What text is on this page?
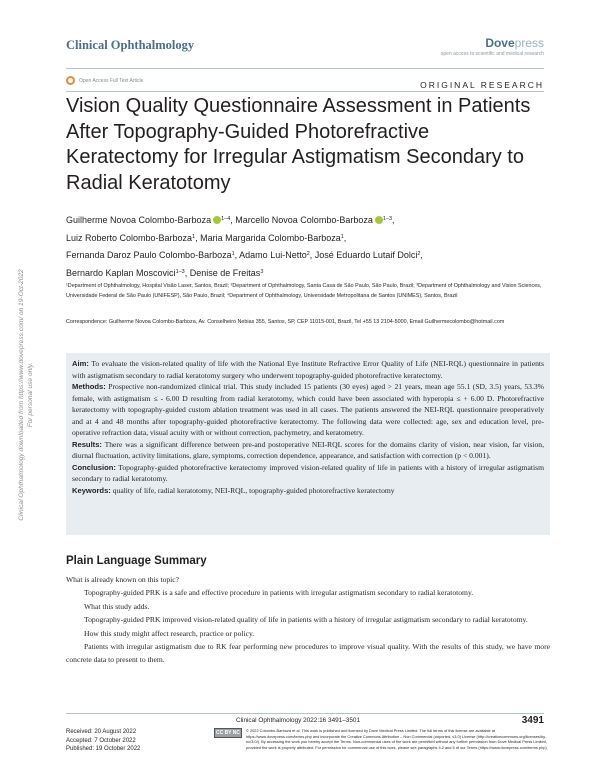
Clinical Ophthalmology	Dovepress
open access to scientific and medical research
Open Access Full Text Article	ORIGINAL RESEARCH
Vision Quality Questionnaire Assessment in Patients After Topography-Guided Photorefractive Keratectomy for Irregular Astigmatism Secondary to Radial Keratotomy
Guilherme Novoa Colombo-Barboza $^{1-4}$, Marcello Novoa Colombo-Barboza $^{1-3}$,
Luiz Roberto Colombo-Barboza$^1$, Maria Margarida Colombo-Barboza$^1$,
Fernanda Daroz Paulo Colombo-Barboza$^1$, Adamo Lui-Netto$^2$, José Eduardo Lutaif Dolci$^2$,
Bernardo Kaplan Moscovici$^{1-3}$, Denise de Freitas$^3$
¹Department of Ophthalmology, Hospital Visão Laser, Santos, Brazil; ²Department of Ophthalmology, Santa Casa de São Paulo, São Paulo, Brazil; ³Department of Ophthalmology and Vision Sciences, Universidade Federal de São Paulo (UNIFESP), São Paulo, Brazil; ⁴Department of Ophthalmology, Universidade Metropolitana de Santos (UNIMES), Santos, Brazil
Correspondence: Guilherme Novoa Colombo-Barboza, Av. Conselheiro Nebias 355, Santos, SP, CEP 11015-001, Brazil, Tel +55 13 2104-5000, Email Guilhermecolombo@hotmail.com
Aim: To evaluate the vision-related quality of life with the National Eye Institute Refractive Error Quality of Life (NEI-RQL) questionnaire in patients with astigmatism secondary to radial keratotomy surgery who underwent topography-guided photorefractive keratectomy.
Methods: Prospective non-randomized clinical trial. This study included 15 patients (30 eyes) aged > 21 years, mean age 55.1 (SD, 3.5) years, 53.3% female, with astigmatism ≤ - 6.00 D resulting from radial keratotomy, which could have been associated with hyperopia ≤ + 6.00 D. Photorefractive keratectomy with topography-guided custom ablation treatment was used in all cases. The patients answered the NEI-RQL questionnaire preoperatively and at 4 and 48 months after topography-guided photorefractive keratectomy. The following data were collected: age, sex and education level, pre-operative refraction data, visual acuity with or without correction, pachymetry, and keratometry.
Results: There was a significant difference between pre-and postoperative NEI-RQL scores for the domains clarity of vision, near vision, far vision, diurnal fluctuation, activity limitations, glare, symptoms, correction dependence, appearance, and satisfaction with correction (p < 0.001).
Conclusion: Topography-guided photorefractive keratectomy improved vision-related quality of life in patients with a history of irregular astigmatism secondary to radial keratotomy.
Keywords: quality of life, radial keratotomy, NEI-RQL, topography-guided photorefractive keratectomy
Plain Language Summary

What is already known on this topic?

Topography-guided PRK is a safe and effective procedure in patients with irregular astigmatism secondary to radial keratotomy.

What this study adds.

Topography-guided PRK improved vision-related quality of life in patients with a history of irregular astigmatism secondary to radial keratotomy.

How this study might affect research, practice or policy.

Patients with irregular astigmatism due to RK fear performing new procedures to improve visual quality. With the results of this study, we have more concrete data to present to them.

Received: 20 August 2022
Accepted: 7 October 2022
Published: 19 October 2022
Clinical Ophthalmology 2022:16 3491–3501	3491
CC BY NC	© 2022 Colombo-Barboza et al. This work is published and licensed by Dove Medical Press Limited. The full terms of this license are available at https://www.dovepress.com/terms.php and incorporate the Creative Commons Attribution – Non Commercial (unported, v3.0) License (http://creativecommons.org/licenses/by-nc/3.0/). By accessing the work you hereby accept the Terms. Non-commercial uses of the work are permitted without any further permission from Dove Medical Press Limited, provided the work is properly attributed. For permission for commercial use of this work, please see paragraphs 4.2 and 5 of our Terms (https://www.dovepress.com/terms.php).
Clinical Ophthalmology downloaded from https://www.dovepress.com/ on 19-Oct-2022 For personal use only.
